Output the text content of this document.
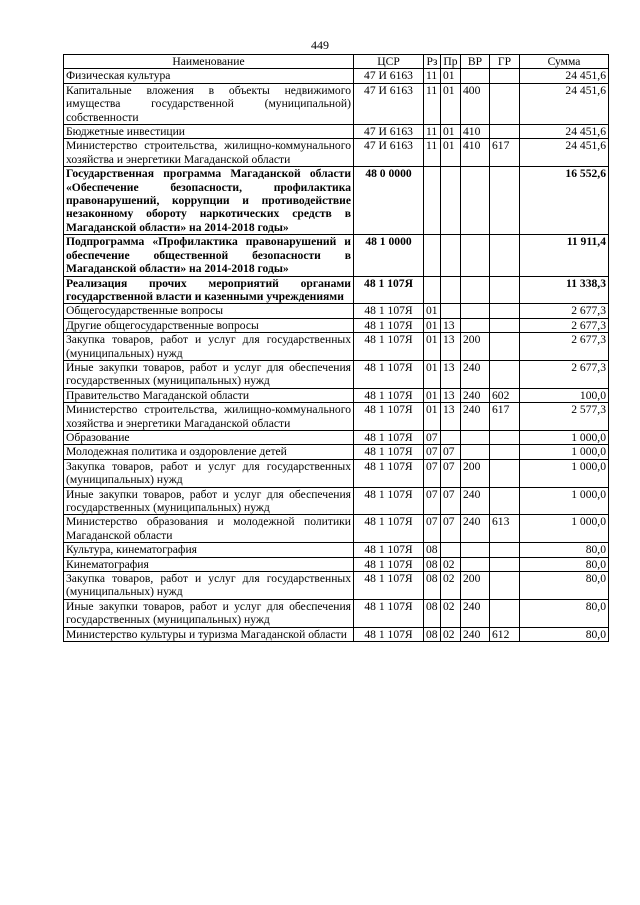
449
Наименование	ЦСР	Рз	Пр	ВР	ГР	Сумма
Физическая культура	47 И 6163	11	01			24 451,6
Капитальные вложения в объекты недвижимого имущества государственной (муниципальной) собственности	47 И 6163	11	01	400		24 451,6
Бюджетные инвестиции	47 И 6163	11	01	410		24 451,6
Министерство строительства, жилищно-коммунального хозяйства и энергетики Магаданской области	47 И 6163	11	01	410	617	24 451,6
Государственная программа Магаданской области «Обеспечение безопасности, профилактика правонарушений, коррупции и противодействие незаконному обороту наркотических средств в Магаданской области» на 2014-2018 годы»	48 0 0000					16 552,6
Подпрограмма «Профилактика правонарушений и обеспечение общественной безопасности в Магаданской области» на 2014-2018 годы»	48 1 0000					11 911,4
Реализация прочих мероприятий органами государственной власти и казенными учреждениями	48 1 107Я					11 338,3
Общегосударственные вопросы	48 1 107Я	01				2 677,3
Другие общегосударственные вопросы	48 1 107Я	01	13			2 677,3
Закупка товаров, работ и услуг для государственных (муниципальных) нужд	48 1 107Я	01	13	200		2 677,3
Иные закупки товаров, работ и услуг для обеспечения государственных (муниципальных) нужд	48 1 107Я	01	13	240		2 677,3
Правительство Магаданской области	48 1 107Я	01	13	240	602	100,0
Министерство строительства, жилищно-коммунального хозяйства и энергетики Магаданской области	48 1 107Я	01	13	240	617	2 577,3
Образование	48 1 107Я	07				1 000,0
Молодежная политика и оздоровление детей	48 1 107Я	07	07			1 000,0
Закупка товаров, работ и услуг для государственных (муниципальных) нужд	48 1 107Я	07	07	200		1 000,0
Иные закупки товаров, работ и услуг для обеспечения государственных (муниципальных) нужд	48 1 107Я	07	07	240		1 000,0
Министерство образования и молодежной политики Магаданской области	48 1 107Я	07	07	240	613	1 000,0
Культура, кинематография	48 1 107Я	08				80,0
Кинематография	48 1 107Я	08	02			80,0
Закупка товаров, работ и услуг для государственных (муниципальных) нужд	48 1 107Я	08	02	200		80,0
Иные закупки товаров, работ и услуг для обеспечения государственных (муниципальных) нужд	48 1 107Я	08	02	240		80,0
Министерство культуры и туризма Магаданской области	48 1 107Я	08	02	240	612	80,0
